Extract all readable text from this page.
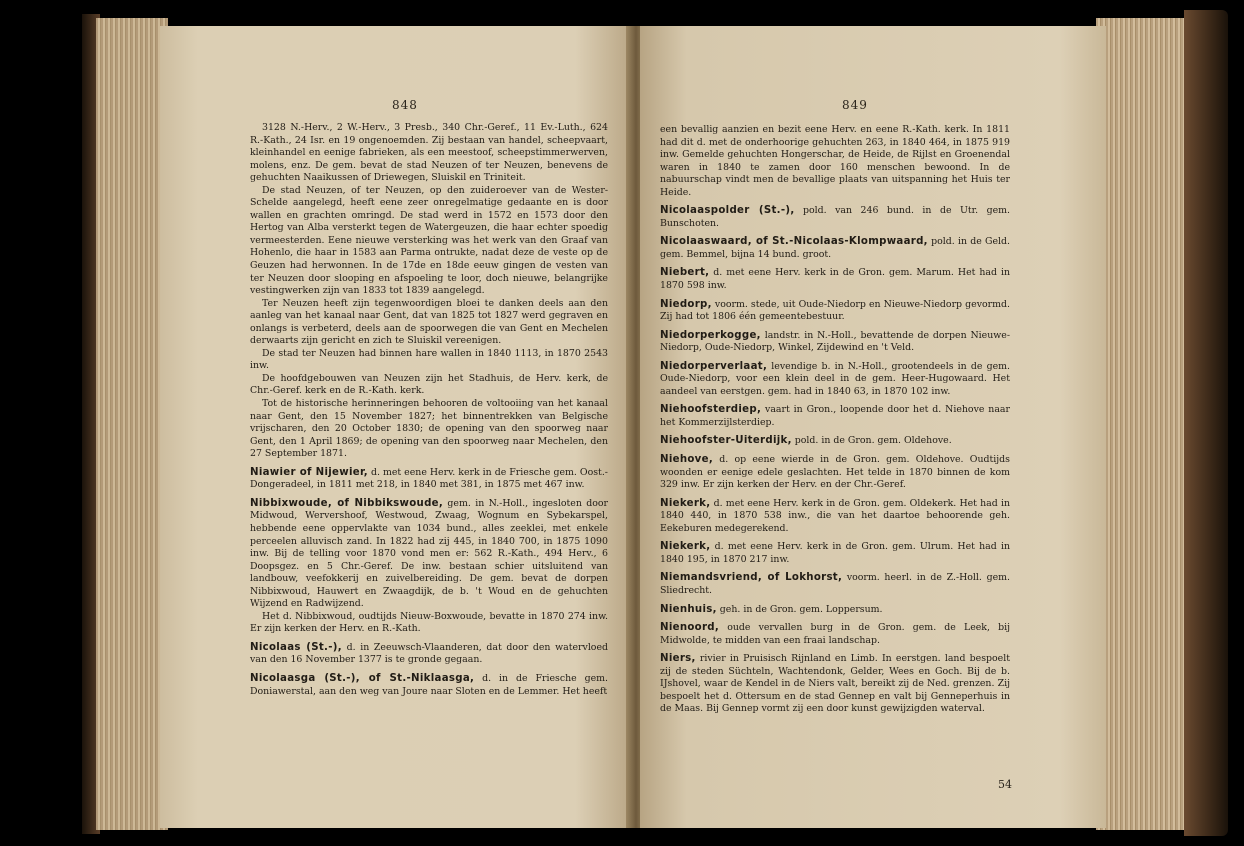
848

3128 N.-Herv., 2 W.-Herv., 3 Presb., 340 Chr.-Geref., 11 Ev.-Luth., 624 R.-Kath., 24 Isr. en 19 ongenoemden. Zij bestaan van handel, scheepvaart, kleinhandel en eenige fabrieken, als een meestoof, scheepstimmerwerven, molens, enz. De gem. bevat de stad Neuzen of ter Neuzen, benevens de gehuchten Naaikussen of Driewegen, Sluiskil en Triniteit.

De stad Neuzen, of ter Neuzen, op den zuideroever van de Wester-Schelde aangelegd, heeft eene zeer onregelmatige gedaante en is door wallen en grachten omringd. De stad werd in 1572 en 1573 door den Hertog van Alba versterkt tegen de Watergeuzen, die haar echter spoedig vermeesterden. Eene nieuwe versterking was het werk van den Graaf van Hohenlo, die haar in 1583 aan Parma ontrukte, nadat deze de veste op de Geuzen had herwonnen. In de 17de en 18de eeuw gingen de vesten van ter Neuzen door slooping en afspoeling te loor, doch nieuwe, belangrijke vestingwerken zijn van 1833 tot 1839 aangelegd.

Ter Neuzen heeft zijn tegenwoordigen bloei te danken deels aan den aanleg van het kanaal naar Gent, dat van 1825 tot 1827 werd gegraven en onlangs is verbeterd, deels aan de spoorwegen die van Gent en Mechelen derwaarts zijn gericht en zich te Sluiskil vereenigen.

De stad ter Neuzen had binnen hare wallen in 1840 1113, in 1870 2543 inw.

De hoofdgebouwen van Neuzen zijn het Stadhuis, de Herv. kerk, de Chr.-Geref. kerk en de R.-Kath. kerk.

Tot de historische herinneringen behooren de voltooiing van het kanaal naar Gent, den 15 November 1827; het binnentrekken van Belgische vrijscharen, den 20 October 1830; de opening van den spoorweg naar Gent, den 1 April 1869; de opening van den spoorweg naar Mechelen, den 27 September 1871.

Niawier of Nijewier, d. met eene Herv. kerk in de Friesche gem. Oost.-Dongeradeel, in 1811 met 218, in 1840 met 381, in 1875 met 467 inw.

Nibbixwoude, of Nibbikswoude, gem. in N.-Holl., ingesloten door Midwoud, Wervershoof, Westwoud, Zwaag, Wognum en Sybekarspel, hebbende eene oppervlakte van 1034 bund., alles zeeklei, met enkele perceelen alluvisch zand. In 1822 had zij 445, in 1840 700, in 1875 1090 inw. Bij de telling voor 1870 vond men er: 562 R.-Kath., 494 Herv., 6 Doopsgez. en 5 Chr.-Geref. De inw. bestaan schier uitsluitend van landbouw, veefokkerij en zuivelbereiding. De gem. bevat de dorpen Nibbixwoud, Hauwert en Zwaagdijk, de b. 't Woud en de gehuchten Wijzend en Radwijzend.

Het d. Nibbixwoud, oudtijds Nieuw-Boxwoude, bevatte in 1870 274 inw. Er zijn kerken der Herv. en R.-Kath.

Nicolaas (St.-), d. in Zeeuwsch-Vlaanderen, dat door den watervloed van den 16 November 1377 is te gronde gegaan.

Nicolaasga (St.-), of St.-Niklaasga, d. in de Friesche gem. Doniawerstal, aan den weg van Joure naar Sloten en de Lemmer. Het heeft

849

een bevallig aanzien en bezit eene Herv. en eene R.-Kath. kerk. In 1811 had dit d. met de onderhoorige gehuchten 263, in 1840 464, in 1875 919 inw. Gemelde gehuchten Hongerschar, de Heide, de Rijlst en Groenendal waren in 1840 te zamen door 160 menschen bewoond. In de nabuurschap vindt men de bevallige plaats van uitspanning het Huis ter Heide.

Nicolaaspolder (St.-), pold. van 246 bund. in de Utr. gem. Bunschoten.

Nicolaaswaard, of St.-Nicolaas-Klompwaard, pold. in de Geld. gem. Bemmel, bijna 14 bund. groot.

Niebert, d. met eene Herv. kerk in de Gron. gem. Marum. Het had in 1870 598 inw.

Niedorp, voorm. stede, uit Oude-Niedorp en Nieuwe-Niedorp gevormd. Zij had tot 1806 één gemeentebestuur.

Niedorperkogge, landstr. in N.-Holl., bevattende de dorpen Nieuwe-Niedorp, Oude-Niedorp, Winkel, Zijdewind en 't Veld.

Niedorperverlaat, levendige b. in N.-Holl., grootendeels in de gem. Oude-Niedorp, voor een klein deel in de gem. Heer-Hugowaard. Het aandeel van eerstgen. gem. had in 1840 63, in 1870 102 inw.

Niehoofsterdiep, vaart in Gron., loopende door het d. Niehove naar het Kommerzijlsterdiep.

Niehoofster-Uiterdijk, pold. in de Gron. gem. Oldehove.

Niehove, d. op eene wierde in de Gron. gem. Oldehove. Oudtijds woonden er eenige edele geslachten. Het telde in 1870 binnen de kom 329 inw. Er zijn kerken der Herv. en der Chr.-Geref.

Niekerk, d. met eene Herv. kerk in de Gron. gem. Oldekerk. Het had in 1840 440, in 1870 538 inw., die van het daartoe behoorende geh. Eekeburen medegerekend.

Niekerk, d. met eene Herv. kerk in de Gron. gem. Ulrum. Het had in 1840 195, in 1870 217 inw.

Niemandsvriend, of Lokhorst, voorm. heerl. in de Z.-Holl. gem. Sliedrecht.

Nienhuis, geh. in de Gron. gem. Loppersum.

Nienoord, oude vervallen burg in de Gron. gem. de Leek, bij Midwolde, te midden van een fraai landschap.

Niers, rivier in Pruisisch Rijnland en Limb. In eerstgen. land bespoelt zij de steden Süchteln, Wachtendonk, Gelder, Wees en Goch. Bij de b. IJshovel, waar de Kendel in de Niers valt, bereikt zij de Ned. grenzen. Zij bespoelt het d. Ottersum en de stad Gennep en valt bij Genneperhuis in de Maas. Bij Gennep vormt zij een door kunst gewijzigden waterval.

54
